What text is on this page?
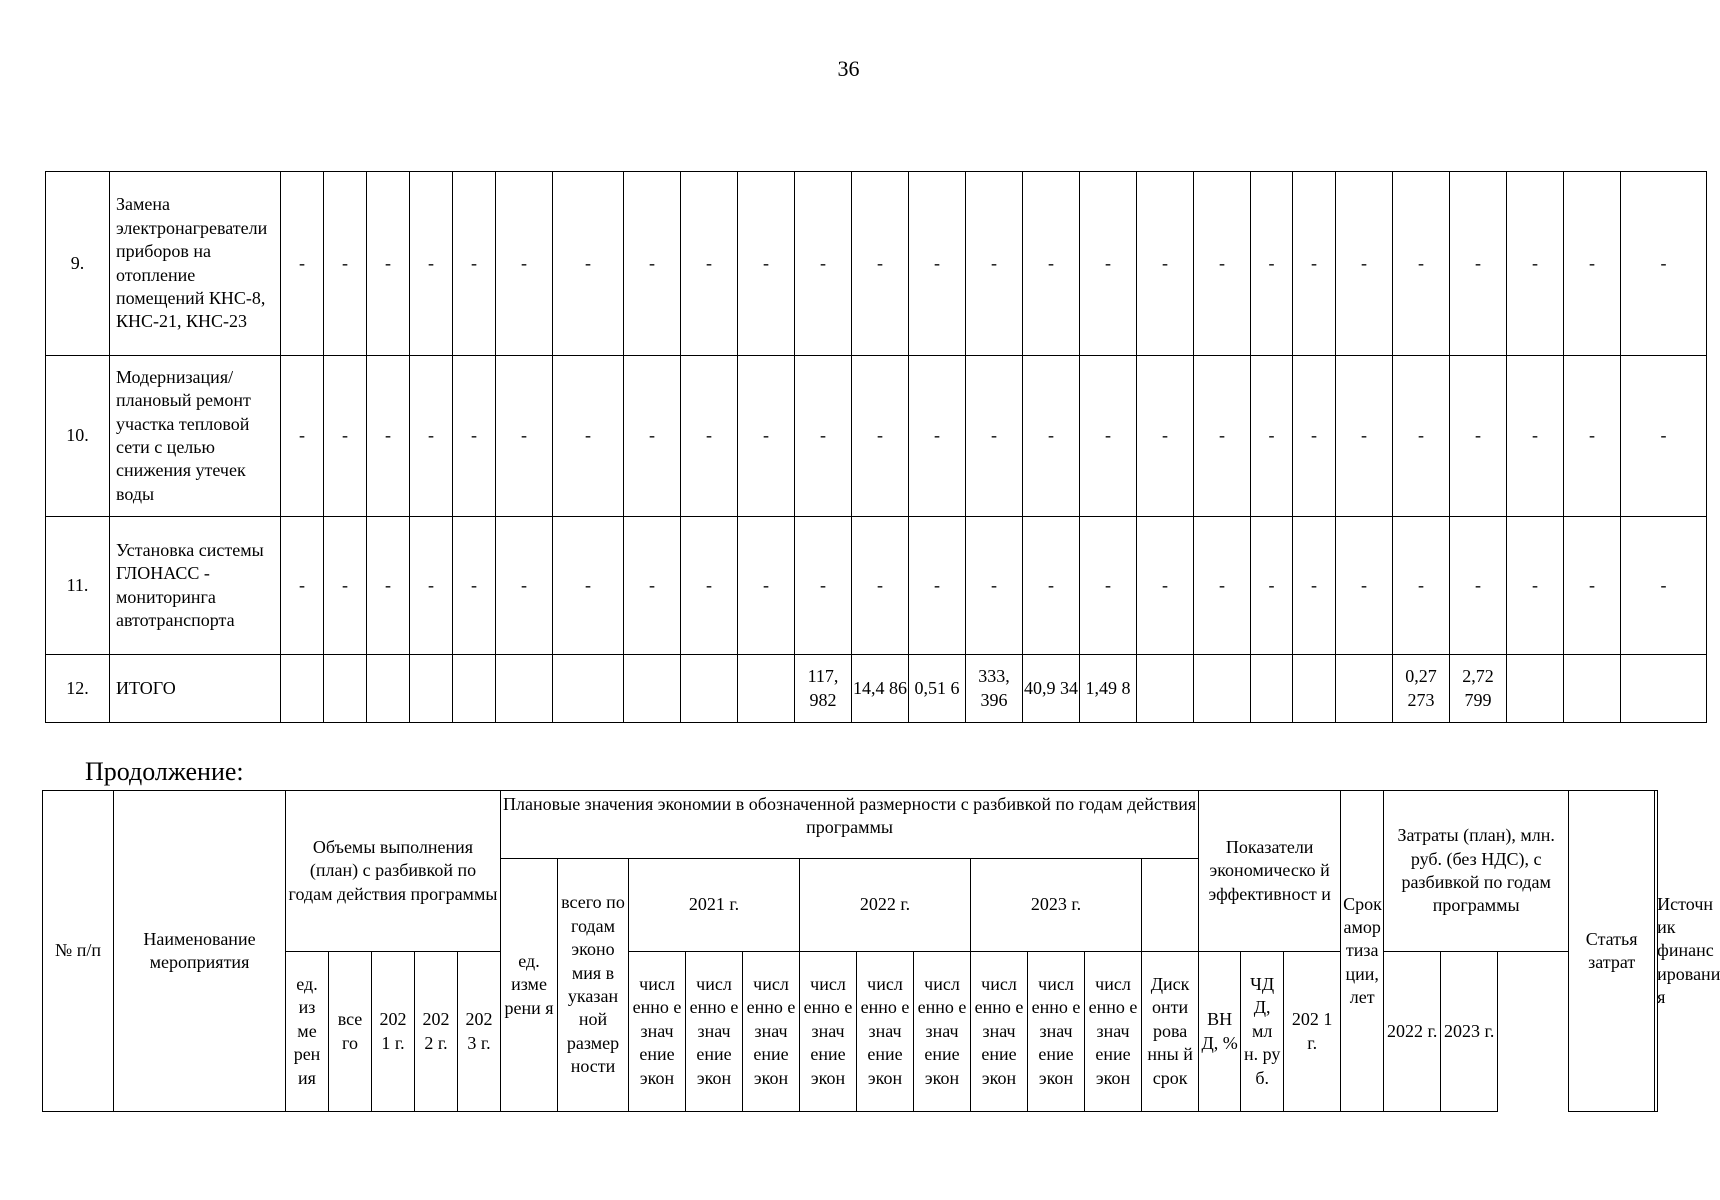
36
9.	Замена электронагреватели приборов на отопление помещений КНС-8, КНС-21, КНС-23	-	-	-	-	-	-	-	-	-	-	-	-	-	-	-	-	-	-	-	-	-	-	-	-	-	-
10.	Модернизация/плановый ремонт участка тепловой сети с целью снижения утечек воды	-	-	-	-	-	-	-	-	-	-	-	-	-	-	-	-	-	-	-	-	-	-	-	-	-	-
11.	Установка системы ГЛОНАСС - мониторинга автотранспорта	-	-	-	-	-	-	-	-	-	-	-	-	-	-	-	-	-	-	-	-	-	-	-	-	-	-
12.	ИТОГО											117, 982	14,4 86	0,51 6	333, 396	40,9 34	1,49 8						0,27 273	2,72 799			
Продолжение:
№ п/п	Наименование мероприятия	Объемы выполнения (план) с разбивкой по годам действия программы					Плановые значения экономии в обозначенной размерности с разбивкой по годам действия программы												Показатели экономическо й эффективност и			Срок амор тиза ции, лет	Затраты (план), млн. руб. (без НДС), с разбивкой по годам программы		Статья затрат	Источн ик финанс ировани я
							ед. изме рени я	всего по годам эконо мия в указан ной размер ности	2021 г.			2022 г.			2023 г.											
		ед. из ме рен ия	все го	202 1 г.	202 2 г.	202 3 г.			числ енно е знач ение экон	числ енно е знач ение экон	числ енно е знач ение экон	числ енно е знач ение экон	числ енно е знач ение экон	числ енно е знач ение экон	числ енно е знач ение экон	числ енно е знач ение экон	числ енно е знач ение экон	Диск онти рова нны й срок	ВН Д, %	ЧД Д, мл н. ру б.	202 1 г.		2022 г.	2023 г.		
